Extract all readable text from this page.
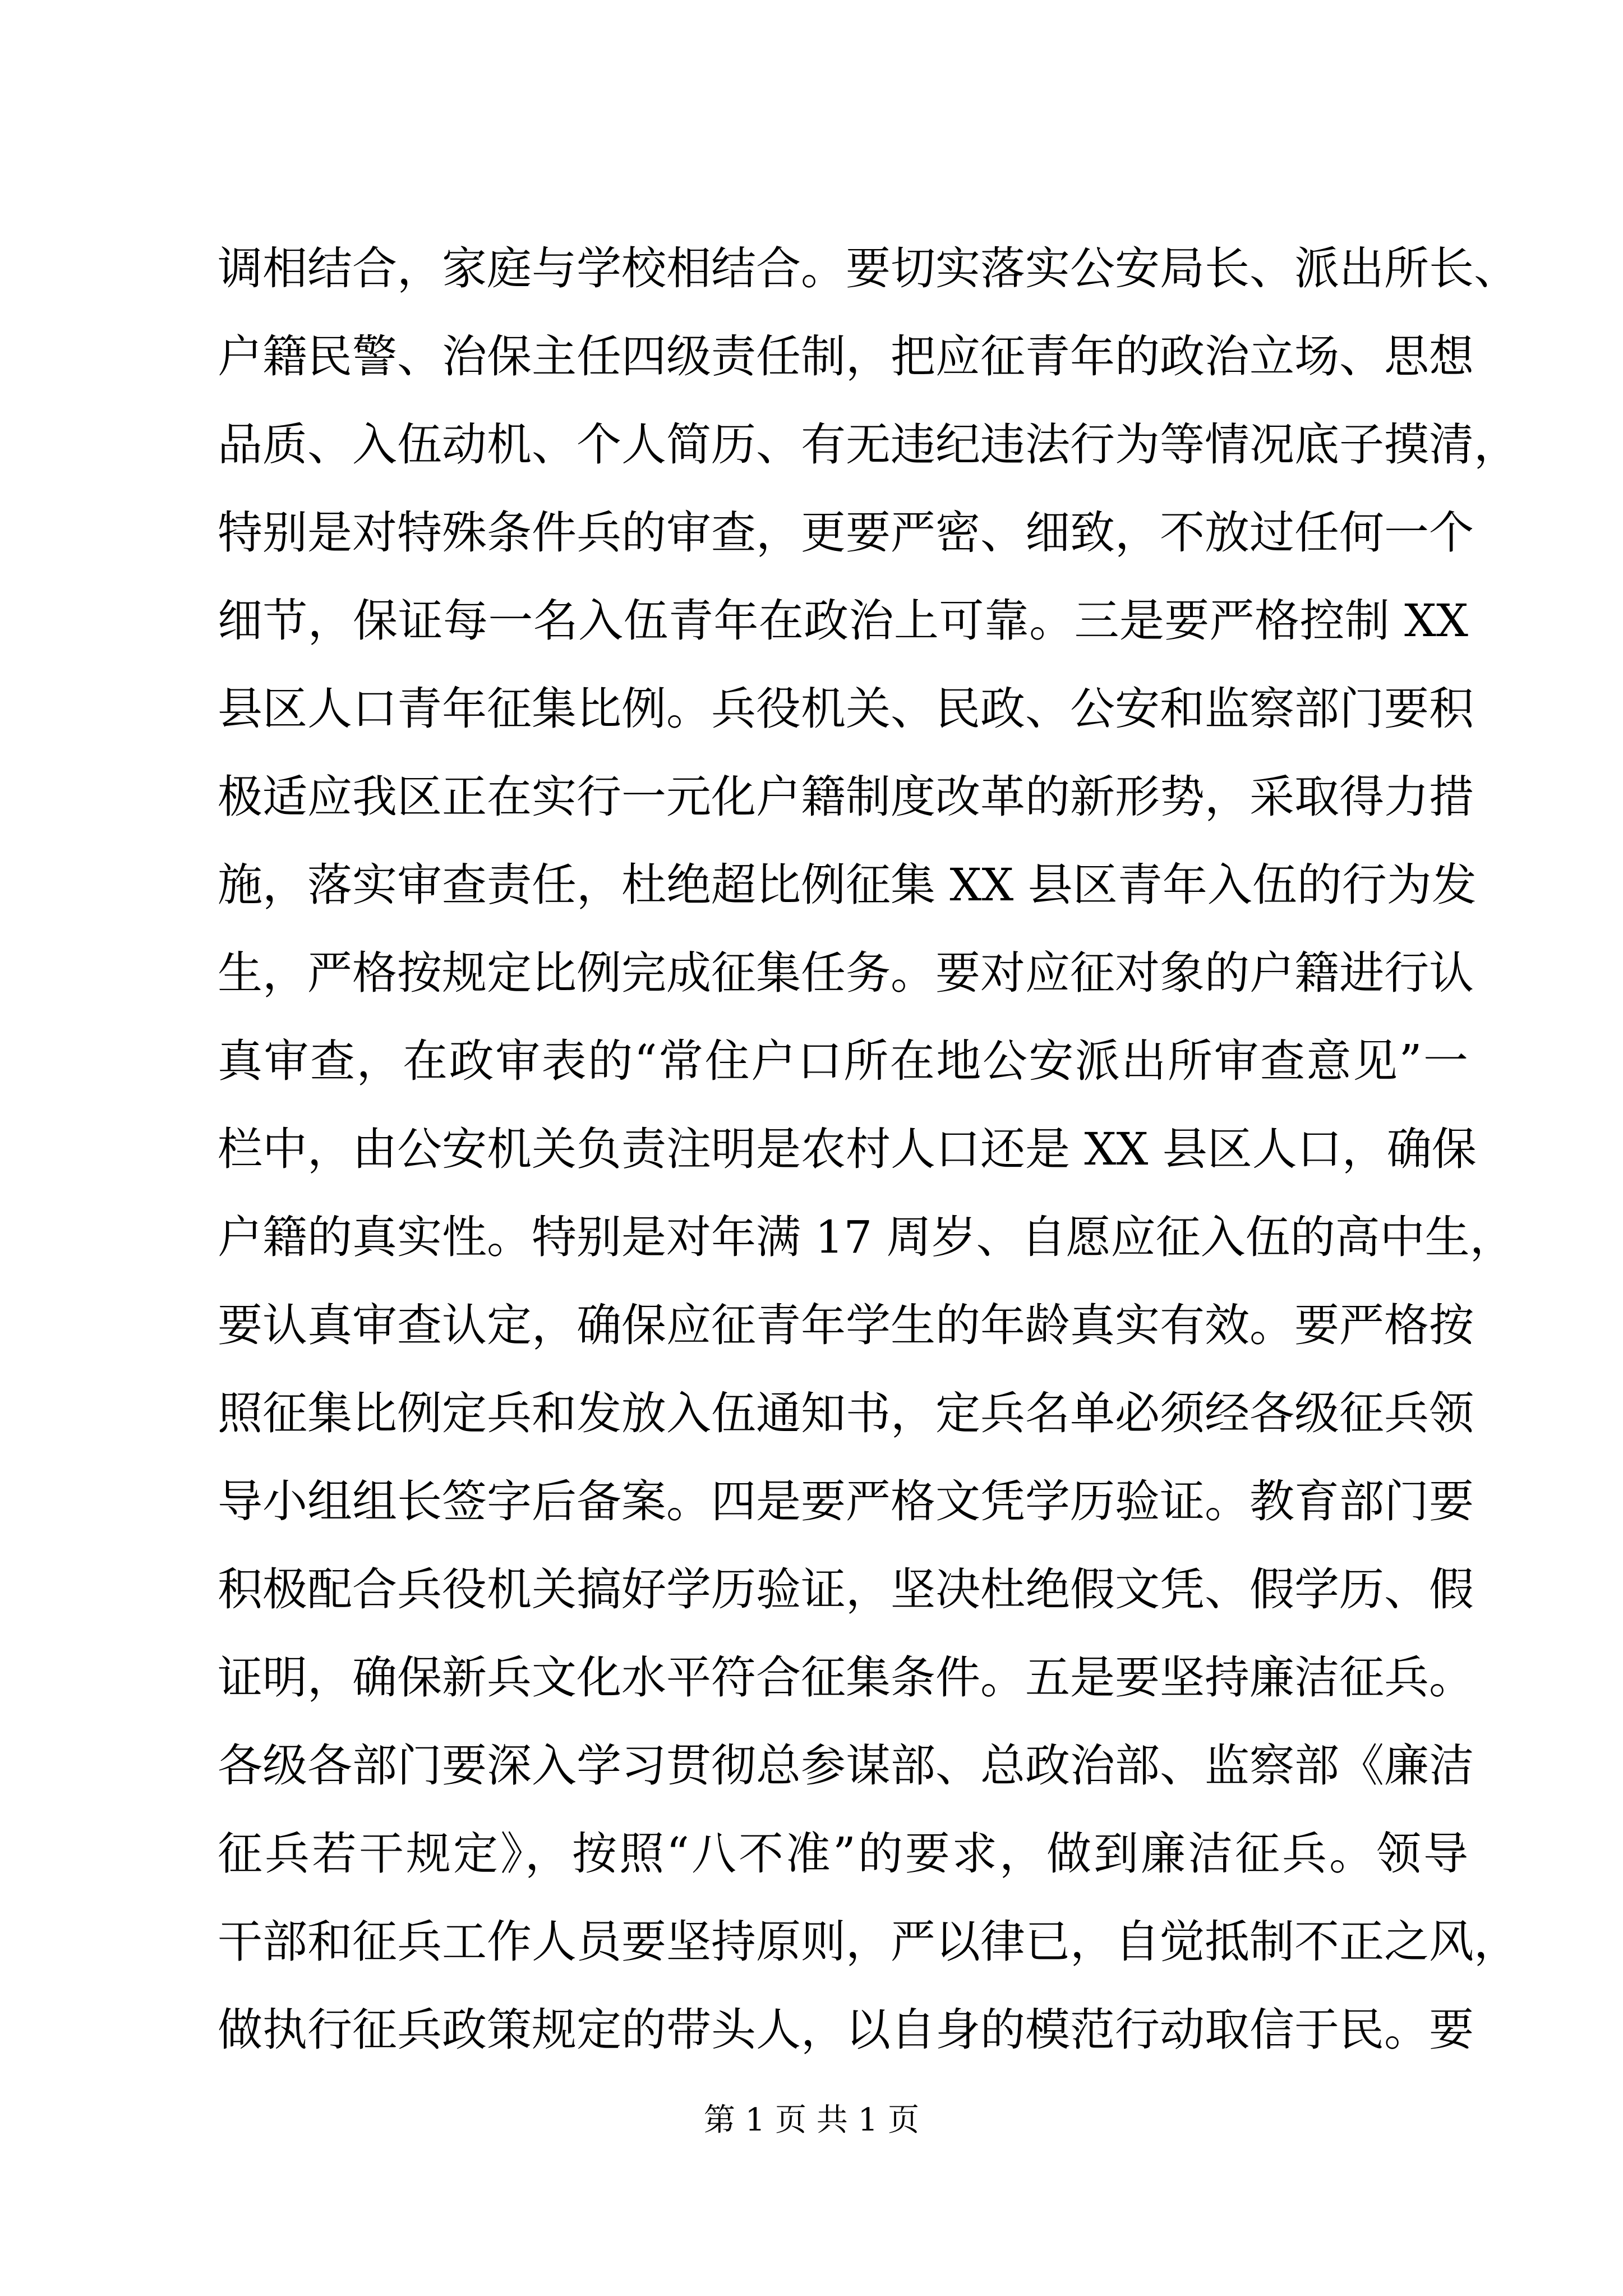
调相结合，家庭与学校相结合。要切实落实公安局长、派出所长、
户籍民警、治保主任四级责任制，把应征青年的政治立场、思想
品质、入伍动机、个人简历、有无违纪违法行为等情况底子摸清，
特别是对特殊条件兵的审查，更要严密、细致，不放过任何一个
细节，保证每一名入伍青年在政治上可靠。三是要严格控制 XX
县区人口青年征集比例。兵役机关、民政、公安和监察部门要积
极适应我区正在实行一元化户籍制度改革的新形势，采取得力措
施，落实审查责任，杜绝超比例征集 XX 县区青年入伍的行为发
生，严格按规定比例完成征集任务。要对应征对象的户籍进行认
真审查，在政审表的“常住户口所在地公安派出所审查意见”一
栏中，由公安机关负责注明是农村人口还是 XX 县区人口，确保
户籍的真实性。特别是对年满 17 周岁、自愿应征入伍的高中生，
要认真审查认定，确保应征青年学生的年龄真实有效。要严格按
照征集比例定兵和发放入伍通知书，定兵名单必须经各级征兵领
导小组组长签字后备案。四是要严格文凭学历验证。教育部门要
积极配合兵役机关搞好学历验证，坚决杜绝假文凭、假学历、假
证明，确保新兵文化水平符合征集条件。五是要坚持廉洁征兵。
各级各部门要深入学习贯彻总参谋部、总政治部、监察部《廉洁
征兵若干规定》，按照“八不准”的要求，做到廉洁征兵。领导
干部和征兵工作人员要坚持原则，严以律已，自觉抵制不正之风，
做执行征兵政策规定的带头人，以自身的模范行动取信于民。要
第 1 页 共 1 页
